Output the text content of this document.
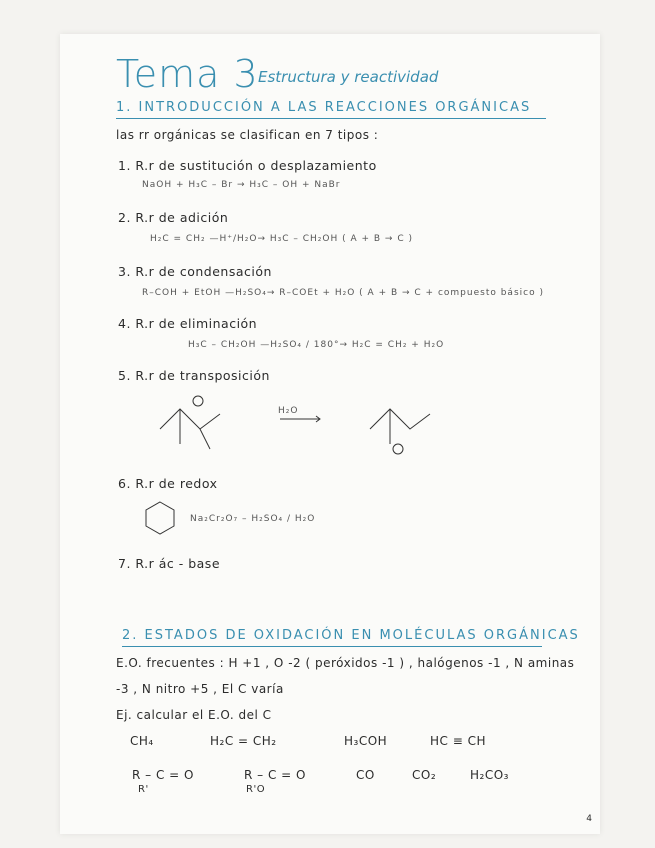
Tema 3 Estructura y reactividad
1. INTRODUCCIÓN A LAS REACCIONES ORGÁNICAS
las rr orgánicas se clasifican en 7 tipos :
1. R.r de sustitución o desplazamiento
NaOH + H₃C – Br → H₃C – OH + NaBr
2. R.r de adición
H₂C = CH₂ —H⁺/H₂O→ H₃C – CH₂OH ( A + B → C )
3. R.r de condensación
R–COH + EtOH —H₂SO₄→ R–COEt + H₂O ( A + B → C + compuesto básico )
4. R.r de eliminación
H₃C – CH₂OH —H₂SO₄ / 180°→ H₂C = CH₂ + H₂O
5. R.r de transposición
H₂O
6. R.r de redox
Na₂Cr₂O₇ – H₂SO₄ / H₂O
7. R.r ác - base
2. ESTADOS DE OXIDACIÓN EN MOLÉCULAS ORGÁNICAS
E.O. frecuentes : H +1 , O -2 ( peróxidos -1 ) , halógenos -1 , N aminas
-3 , N nitro +5 , El C varía
Ej. calcular el E.O. del C
CH₄	H₂C = CH₂	H₃COH	HC ≡ CH
R – C = O
R'
R – C = O
R'O
CO	CO₂	H₂CO₃
4
